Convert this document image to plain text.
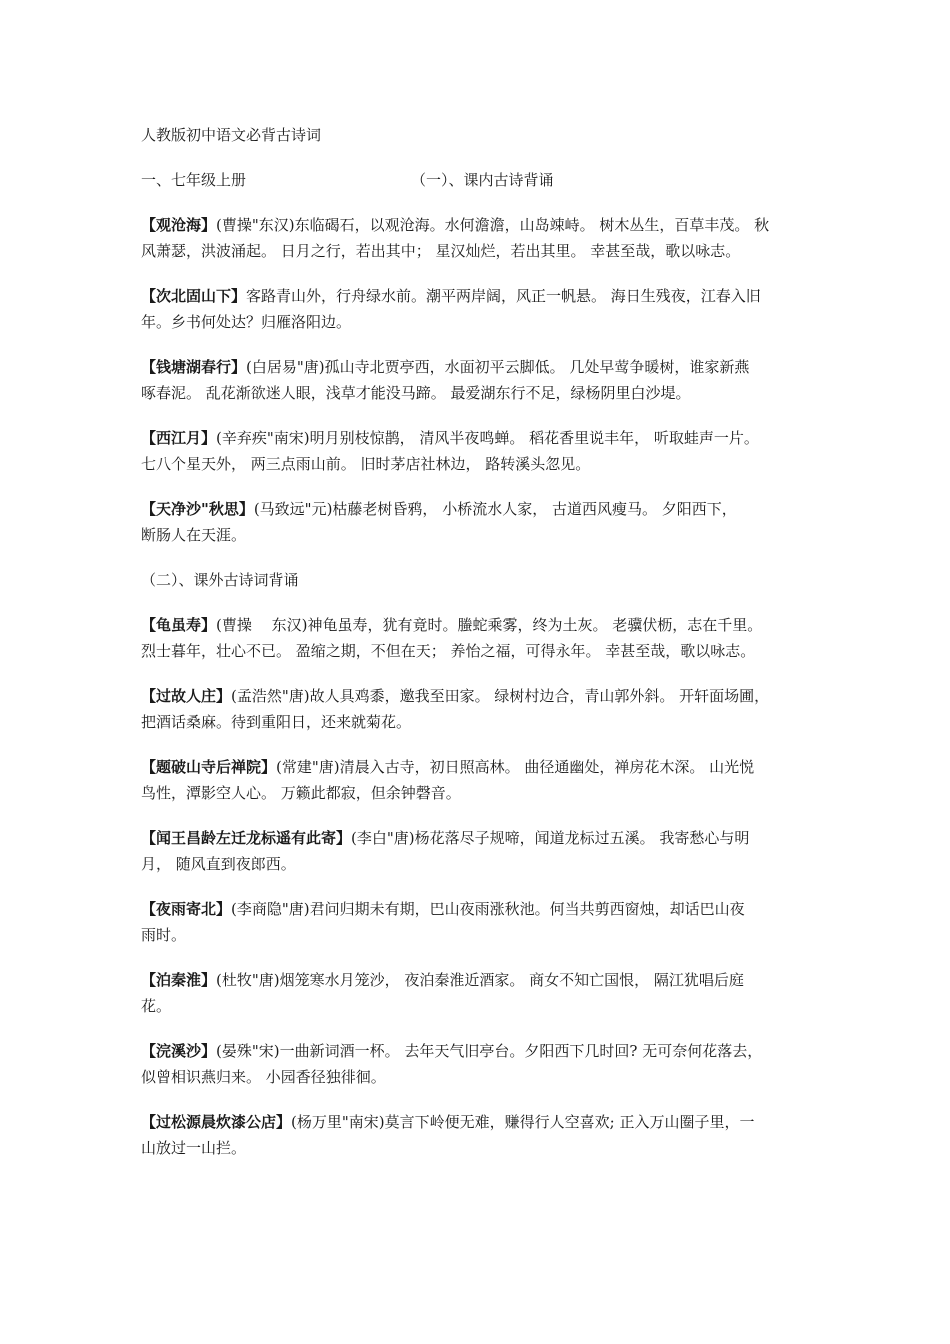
人教版初中语文必背古诗词
一、七年级上册	（一）、课内古诗背诵
【观沧海】(曹操"东汉)东临碣石，以观沧海。水何澹澹，山岛竦峙。 树木丛生，百草丰茂。 秋
风萧瑟，洪波涌起。 日月之行，若出其中； 星汉灿烂，若出其里。 幸甚至哉，歌以咏志。
【次北固山下】客路青山外，行舟绿水前。潮平两岸阔，风正一帆悬。 海日生残夜，江春入旧
年。乡书何处达？归雁洛阳边。
【钱塘湖春行】(白居易"唐)孤山寺北贾亭西，水面初平云脚低。 几处早莺争暖树，谁家新燕
啄春泥。 乱花渐欲迷人眼，浅草才能没马蹄。 最爱湖东行不足，绿杨阴里白沙堤。
【西江月】(辛弃疾"南宋)明月别枝惊鹊， 清风半夜鸣蝉。 稻花香里说丰年， 听取蛙声一片。
七八个星天外， 两三点雨山前。 旧时茅店社林边， 路转溪头忽见。
【天净沙"秋思】(马致远"元)枯藤老树昏鸦， 小桥流水人家， 古道西风瘦马。 夕阳西下，
断肠人在天涯。
（二）、课外古诗词背诵
【龟虽寿】(曹操　 东汉)神龟虽寿，犹有竟时。螣蛇乘雾，终为土灰。 老骥伏枥，志在千里。
烈士暮年，壮心不已。 盈缩之期，不但在天； 养怡之福，可得永年。 幸甚至哉，歌以咏志。
【过故人庄】(孟浩然"唐)故人具鸡黍，邀我至田家。 绿树村边合，青山郭外斜。 开轩面场圃，
把酒话桑麻。待到重阳日，还来就菊花。
【题破山寺后禅院】(常建"唐)清晨入古寺，初日照高林。 曲径通幽处，禅房花木深。 山光悦
鸟性，潭影空人心。 万籁此都寂，但余钟磬音。
【闻王昌龄左迁龙标遥有此寄】(李白"唐)杨花落尽子规啼，闻道龙标过五溪。 我寄愁心与明
月， 随风直到夜郎西。
【夜雨寄北】(李商隐"唐)君问归期未有期，巴山夜雨涨秋池。何当共剪西窗烛，却话巴山夜
雨时。
【泊秦淮】(杜牧"唐)烟笼寒水月笼沙， 夜泊秦淮近酒家。 商女不知亡国恨， 隔江犹唱后庭
花。
【浣溪沙】(晏殊"宋)一曲新词酒一杯。 去年天气旧亭台。夕阳西下几时回? 无可奈何花落去，
似曾相识燕归来。 小园香径独徘徊。
【过松源晨炊漆公店】(杨万里"南宋)莫言下岭便无难，赚得行人空喜欢; 正入万山圈子里，一
山放过一山拦。
